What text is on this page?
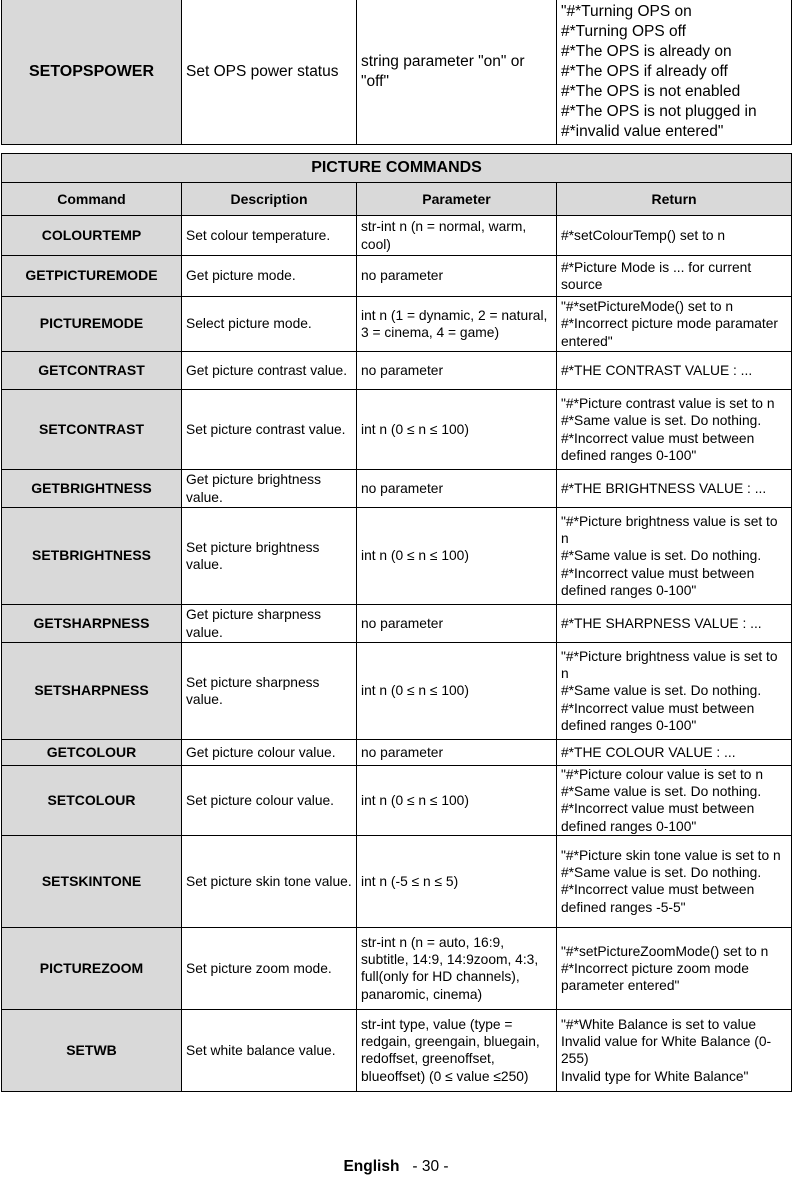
SETOPSPOWER	Set OPS power status	string parameter "on" or "off"	"#*Turning OPS on
#*Turning OPS off
#*The OPS is already on
#*The OPS if already off
#*The OPS is not enabled
#*The OPS is not plugged in
#*invalid value entered"
PICTURE COMMANDS			
Command	Description	Parameter	Return
COLOURTEMP	Set colour temperature.	str-int n (n = normal, warm, cool)	#*setColourTemp() set to n
GETPICTUREMODE	Get picture mode.	no parameter	#*Picture Mode is ... for current source
PICTUREMODE	Select picture mode.	int n (1 = dynamic, 2 = natural, 3 = cinema, 4 = game)	"#*setPictureMode() set to n
#*Incorrect picture mode paramater entered"
GETCONTRAST	Get picture contrast value.	no parameter	#*THE CONTRAST VALUE : ...
SETCONTRAST	Set picture contrast value.	int n (0 ≤ n ≤ 100)	"#*Picture contrast value is set to n
#*Same value is set. Do nothing.
#*Incorrect value must between defined ranges 0-100"
GETBRIGHTNESS	Get picture brightness value.	no parameter	#*THE BRIGHTNESS VALUE : ...
SETBRIGHTNESS	Set picture brightness value.	int n (0 ≤ n ≤ 100)	"#*Picture brightness value is set to n
#*Same value is set. Do nothing.
#*Incorrect value must between defined ranges 0-100"
GETSHARPNESS	Get picture sharpness value.	no parameter	#*THE SHARPNESS VALUE : ...
SETSHARPNESS	Set picture sharpness value.	int n (0 ≤ n ≤ 100)	"#*Picture brightness value is set to n
#*Same value is set. Do nothing.
#*Incorrect value must between defined ranges 0-100"
GETCOLOUR	Get picture colour value.	no parameter	#*THE COLOUR VALUE : ...
SETCOLOUR	Set picture colour value.	int n (0 ≤ n ≤ 100)	"#*Picture colour value is set to n
#*Same value is set. Do nothing.
#*Incorrect value must between defined ranges 0-100"
SETSKINTONE	Set picture skin tone value.	int n (-5 ≤ n ≤ 5)	"#*Picture skin tone value is set to n
#*Same value is set. Do nothing.
#*Incorrect value must between defined ranges -5-5"
PICTUREZOOM	Set picture zoom mode.	str-int n (n = auto, 16:9, subtitle, 14:9, 14:9zoom, 4:3, full(only for HD channels), panaromic, cinema)	"#*setPictureZoomMode() set to n
#*Incorrect picture zoom mode parameter entered"
SETWB	Set white balance value.	str-int type, value (type = redgain, greengain, bluegain, redoffset, greenoffset, blueoffset) (0 ≤ value ≤250)	"#*White Balance is set to value
Invalid value for White Balance (0-255)
Invalid type for White Balance"
English - 30 -
